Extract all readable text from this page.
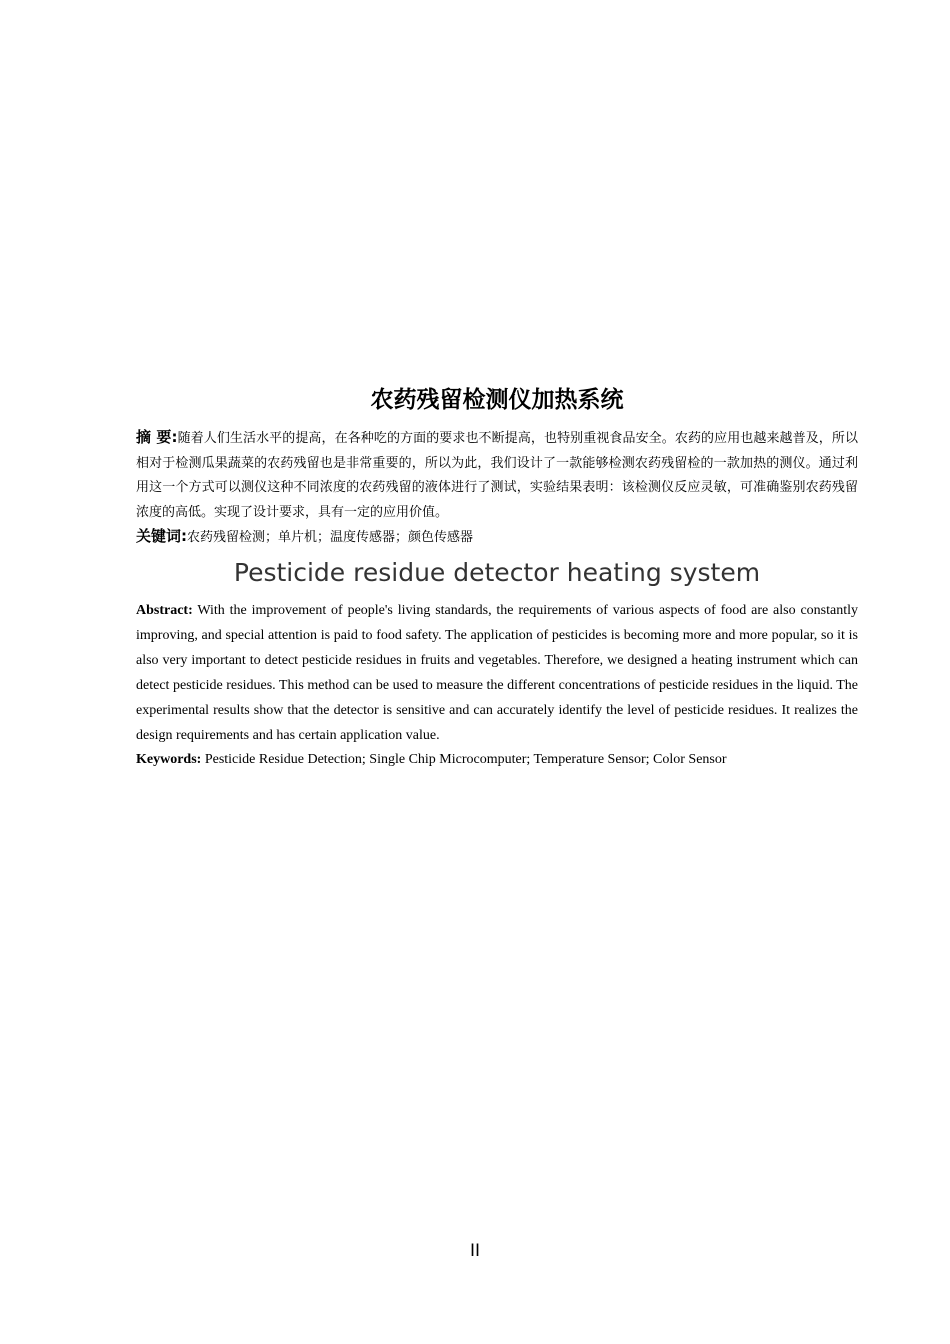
农药残留检测仪加热系统

摘 要:随着人们生活水平的提高，在各种吃的方面的要求也不断提高，也特别重视食品安全。农药的应用也越来越普及，所以相对于检测瓜果蔬菜的农药残留也是非常重要的，所以为此，我们设计了一款能够检测农药残留检的一款加热的测仪。通过利用这一个方式可以测仪这种不同浓度的农药残留的液体进行了测试，实验结果表明：该检测仪反应灵敏，可准确鉴别农药残留浓度的高低。实现了设计要求，具有一定的应用价值。

关键词:农药残留检测；单片机；温度传感器；颜色传感器

Pesticide residue detector heating system

Abstract: With the improvement of people's living standards, the requirements of various aspects of food are also constantly improving, and special attention is paid to food safety. The application of pesticides is becoming more and more popular, so it is also very important to detect pesticide residues in fruits and vegetables. Therefore, we designed a heating instrument which can detect pesticide residues. This method can be used to measure the different concentrations of pesticide residues in the liquid. The experimental results show that the detector is sensitive and can accurately identify the level of pesticide residues. It realizes the design requirements and has certain application value.

Keywords: Pesticide Residue Detection; Single Chip Microcomputer; Temperature Sensor; Color Sensor

II
